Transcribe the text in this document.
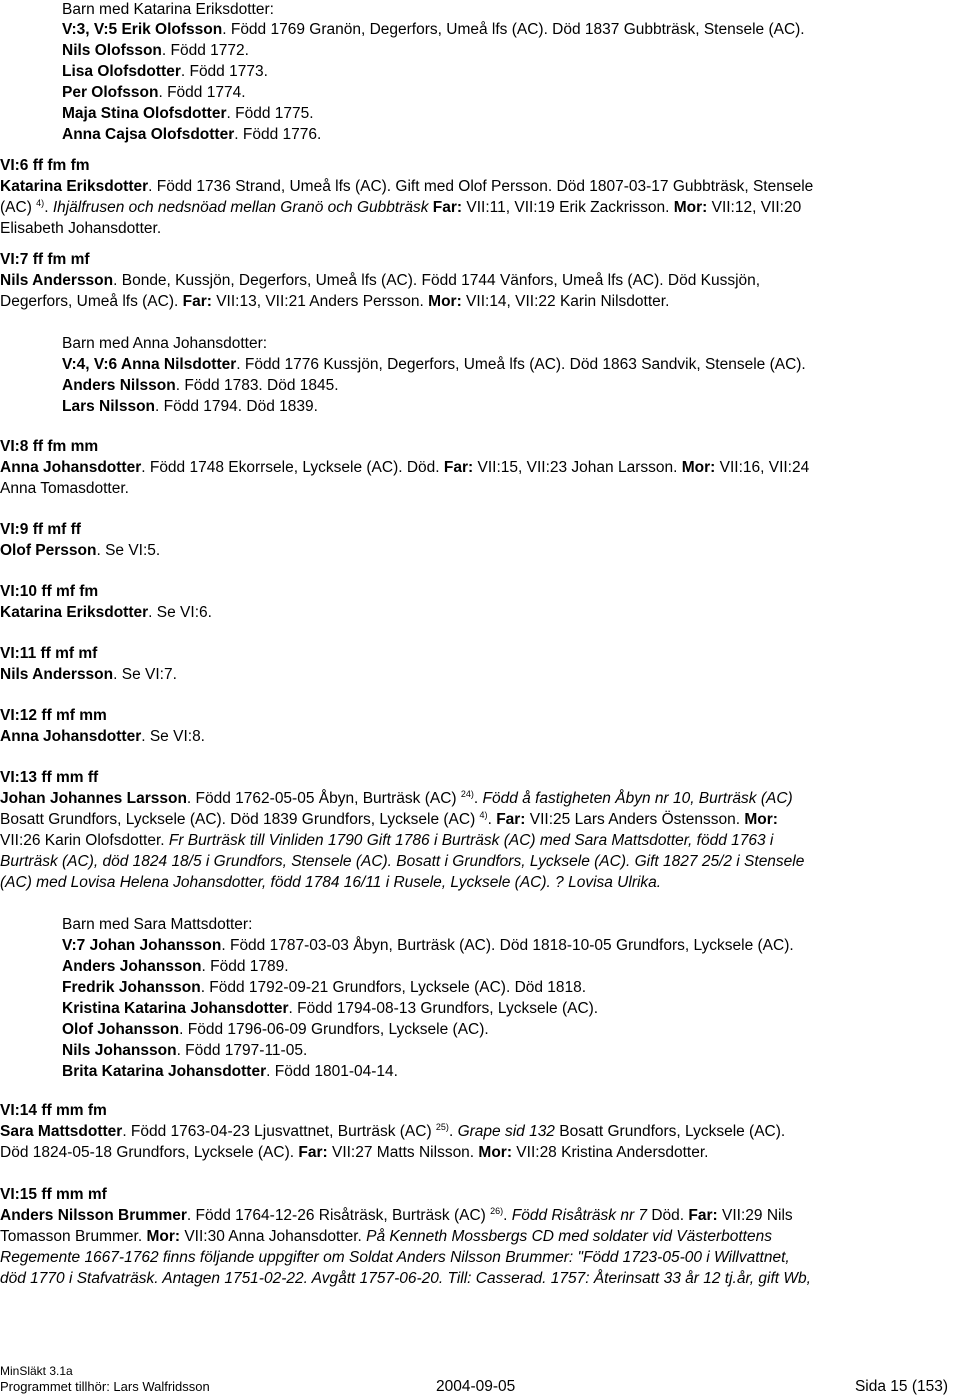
Barn med Katarina Eriksdotter:
V:3, V:5 Erik Olofsson. Född 1769 Granön, Degerfors, Umeå lfs (AC). Död 1837 Gubbträsk, Stensele (AC).
Nils Olofsson. Född 1772.
Lisa Olofsdotter. Född 1773.
Per Olofsson. Född 1774.
Maja Stina Olofsdotter. Född 1775.
Anna Cajsa Olofsdotter. Född 1776.
VI:6 ff fm fm
Katarina Eriksdotter. Född 1736 Strand, Umeå lfs (AC). Gift med Olof Persson. Död 1807-03-17 Gubbträsk, Stensele
(AC) $^{4)}$. Ihjälfrusen och nedsnöad mellan Granö och Gubbträsk Far: VII:11, VII:19 Erik Zackrisson. Mor: VII:12, VII:20
Elisabeth Johansdotter.
VI:7 ff fm mf
Nils Andersson. Bonde, Kussjön, Degerfors, Umeå lfs (AC). Född 1744 Vänfors, Umeå lfs (AC). Död Kussjön,
Degerfors, Umeå lfs (AC). Far: VII:13, VII:21 Anders Persson. Mor: VII:14, VII:22 Karin Nilsdotter.
Barn med Anna Johansdotter:
V:4, V:6 Anna Nilsdotter. Född 1776 Kussjön, Degerfors, Umeå lfs (AC). Död 1863 Sandvik, Stensele (AC).
Anders Nilsson. Född 1783. Död 1845.
Lars Nilsson. Född 1794. Död 1839.
VI:8 ff fm mm
Anna Johansdotter. Född 1748 Ekorrsele, Lycksele (AC). Död. Far: VII:15, VII:23 Johan Larsson. Mor: VII:16, VII:24
Anna Tomasdotter.
VI:9 ff mf ff
Olof Persson. Se VI:5.
VI:10 ff mf fm
Katarina Eriksdotter. Se VI:6.
VI:11 ff mf mf
Nils Andersson. Se VI:7.
VI:12 ff mf mm
Anna Johansdotter. Se VI:8.
VI:13 ff mm ff
Johan Johannes Larsson. Född 1762-05-05 Åbyn, Burträsk (AC) $^{24)}$. Född å fastigheten Åbyn nr 10, Burträsk (AC)
Bosatt Grundfors, Lycksele (AC). Död 1839 Grundfors, Lycksele (AC) $^{4)}$. Far: VII:25 Lars Anders Östensson. Mor:
VII:26 Karin Olofsdotter. Fr Burträsk till Vinliden 1790 Gift 1786 i Burträsk (AC) med Sara Mattsdotter, född 1763 i
Burträsk (AC), död 1824 18/5 i Grundfors, Stensele (AC). Bosatt i Grundfors, Lycksele (AC). Gift 1827 25/2 i Stensele
(AC) med Lovisa Helena Johansdotter, född 1784 16/11 i Rusele, Lycksele (AC). ? Lovisa Ulrika.
Barn med Sara Mattsdotter:
V:7 Johan Johansson. Född 1787-03-03 Åbyn, Burträsk (AC). Död 1818-10-05 Grundfors, Lycksele (AC).
Anders Johansson. Född 1789.
Fredrik Johansson. Född 1792-09-21 Grundfors, Lycksele (AC). Död 1818.
Kristina Katarina Johansdotter. Född 1794-08-13 Grundfors, Lycksele (AC).
Olof Johansson. Född 1796-06-09 Grundfors, Lycksele (AC).
Nils Johansson. Född 1797-11-05.
Brita Katarina Johansdotter. Född 1801-04-14.
VI:14 ff mm fm
Sara Mattsdotter. Född 1763-04-23 Ljusvattnet, Burträsk (AC) $^{25)}$. Grape sid 132 Bosatt Grundfors, Lycksele (AC).
Död 1824-05-18 Grundfors, Lycksele (AC). Far: VII:27 Matts Nilsson. Mor: VII:28 Kristina Andersdotter.
VI:15 ff mm mf
Anders Nilsson Brummer. Född 1764-12-26 Risåträsk, Burträsk (AC) $^{26)}$. Född Risåträsk nr 7 Död. Far: VII:29 Nils
Tomasson Brummer. Mor: VII:30 Anna Johansdotter. På Kenneth Mossbergs CD med soldater vid Västerbottens
Regemente 1667-1762 finns följande uppgifter om Soldat Anders Nilsson Brummer: "Född 1723-05-00 i Willvattnet,
död 1770 i Stafvaträsk. Antagen 1751-02-22. Avgått 1757-06-20. Till: Casserad. 1757: Återinsatt 33 år 12 tj.år, gift Wb,
MinSläkt 3.1a
Programmet tillhör: Lars Walfridsson	2004-09-05	Sida 15 (153)
